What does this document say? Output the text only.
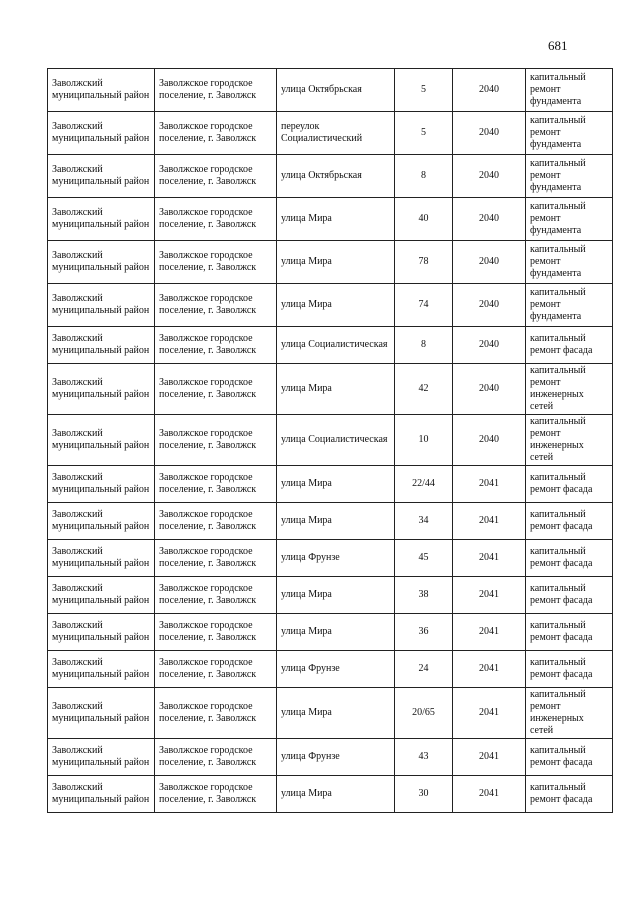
681
Заволжский муниципальный район	Заволжское городское поселение, г. Заволжск	улица Октябрьская	5	2040	капитальный ремонт фундамента
Заволжский муниципальный район	Заволжское городское поселение, г. Заволжск	переулок Социалистический	5	2040	капитальный ремонт фундамента
Заволжский муниципальный район	Заволжское городское поселение, г. Заволжск	улица Октябрьская	8	2040	капитальный ремонт фундамента
Заволжский муниципальный район	Заволжское городское поселение, г. Заволжск	улица Мира	40	2040	капитальный ремонт фундамента
Заволжский муниципальный район	Заволжское городское поселение, г. Заволжск	улица Мира	78	2040	капитальный ремонт фундамента
Заволжский муниципальный район	Заволжское городское поселение, г. Заволжск	улица Мира	74	2040	капитальный ремонт фундамента
Заволжский муниципальный район	Заволжское городское поселение, г. Заволжск	улица Социалистическая	8	2040	капитальный ремонт фасада
Заволжский муниципальный район	Заволжское городское поселение, г. Заволжск	улица Мира	42	2040	капитальный ремонт инженерных сетей
Заволжский муниципальный район	Заволжское городское поселение, г. Заволжск	улица Социалистическая	10	2040	капитальный ремонт инженерных сетей
Заволжский муниципальный район	Заволжское городское поселение, г. Заволжск	улица Мира	22/44	2041	капитальный ремонт фасада
Заволжский муниципальный район	Заволжское городское поселение, г. Заволжск	улица Мира	34	2041	капитальный ремонт фасада
Заволжский муниципальный район	Заволжское городское поселение, г. Заволжск	улица Фрунзе	45	2041	капитальный ремонт фасада
Заволжский муниципальный район	Заволжское городское поселение, г. Заволжск	улица Мира	38	2041	капитальный ремонт фасада
Заволжский муниципальный район	Заволжское городское поселение, г. Заволжск	улица Мира	36	2041	капитальный ремонт фасада
Заволжский муниципальный район	Заволжское городское поселение, г. Заволжск	улица Фрунзе	24	2041	капитальный ремонт фасада
Заволжский муниципальный район	Заволжское городское поселение, г. Заволжск	улица Мира	20/65	2041	капитальный ремонт инженерных сетей
Заволжский муниципальный район	Заволжское городское поселение, г. Заволжск	улица Фрунзе	43	2041	капитальный ремонт фасада
Заволжский муниципальный район	Заволжское городское поселение, г. Заволжск	улица Мира	30	2041	капитальный ремонт фасада
